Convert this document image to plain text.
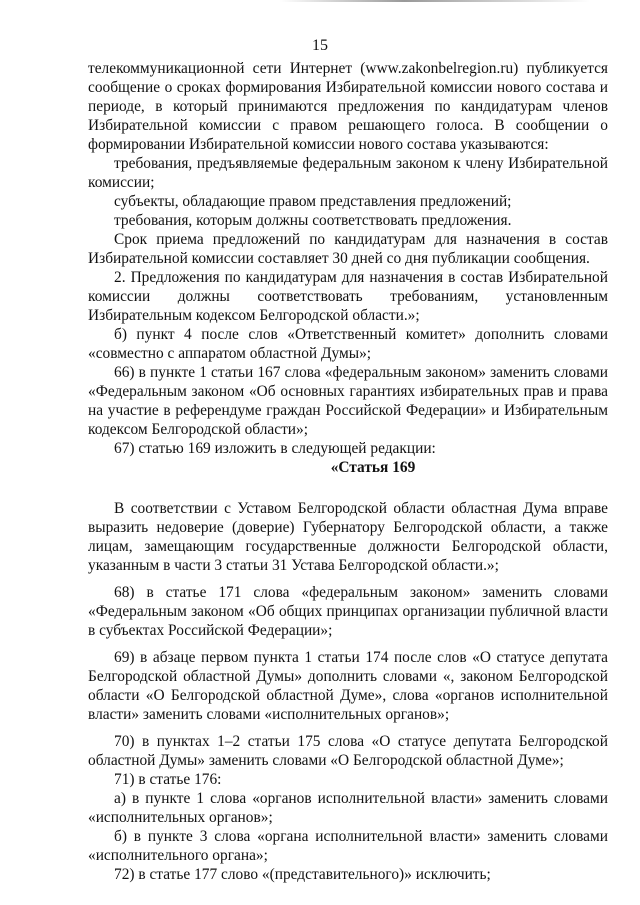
15

телекоммуникационной сети Интернет (www.zakonbelregion.ru) публикуется сообщение о сроках формирования Избирательной комиссии нового состава и периоде, в который принимаются предложения по кандидатурам членов Избирательной комиссии с правом решающего голоса. В сообщении о формировании Избирательной комиссии нового состава указываются:

требования, предъявляемые федеральным законом к члену Избирательной комиссии;

субъекты, обладающие правом представления предложений;

требования, которым должны соответствовать предложения.

Срок приема предложений по кандидатурам для назначения в состав Избирательной комиссии составляет 30 дней со дня публикации сообщения.

2. Предложения по кандидатурам для назначения в состав Избирательной комиссии должны соответствовать требованиям, установленным Избирательным кодексом Белгородской области.»;

б) пункт 4 после слов «Ответственный комитет» дополнить словами «совместно с аппаратом областной Думы»;

66) в пункте 1 статьи 167 слова «федеральным законом» заменить словами «Федеральным законом «Об основных гарантиях избирательных прав и права на участие в референдуме граждан Российской Федерации» и Избирательным кодексом Белгородской области»;

67) статью 169 изложить в следующей редакции:

«Статья 169

В соответствии с Уставом Белгородской области областная Дума вправе выразить недоверие (доверие) Губернатору Белгородской области, а также лицам, замещающим государственные должности Белгородской области, указанным в части 3 статьи 31 Устава Белгородской области.»;

68) в статье 171 слова «федеральным законом» заменить словами «Федеральным законом «Об общих принципах организации публичной власти в субъектах Российской Федерации»;

69) в абзаце первом пункта 1 статьи 174 после слов «О статусе депутата Белгородской областной Думы» дополнить словами «, законом Белгородской области «О Белгородской областной Думе», слова «органов исполнительной власти» заменить словами «исполнительных органов»;

70) в пунктах 1–2 статьи 175 слова «О статусе депутата Белгородской областной Думы» заменить словами «О Белгородской областной Думе»;

71) в статье 176:

а) в пункте 1 слова «органов исполнительной власти» заменить словами «исполнительных органов»;

б) в пункте 3 слова «органа исполнительной власти» заменить словами «исполнительного органа»;

72) в статье 177 слово «(представительного)» исключить;
